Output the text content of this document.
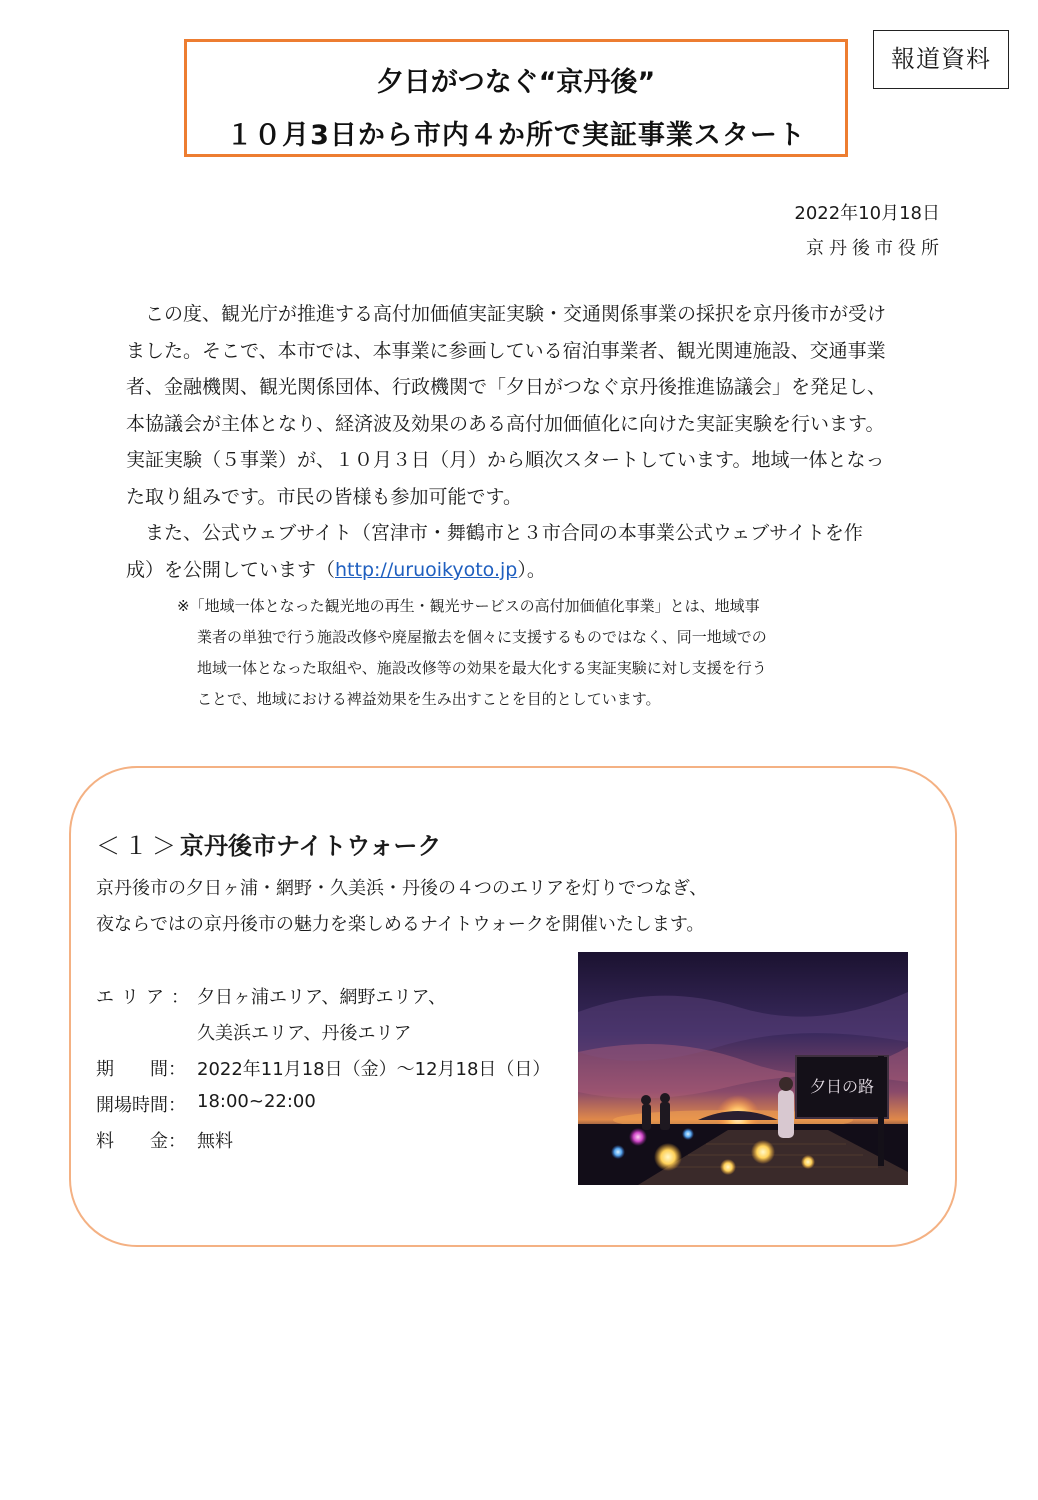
夕日がつなぐ“京丹後”
１０月3日から市内４か所で実証事業スタート
報道資料
2022年10月18日
京丹後市役所
　この度、観光庁が推進する高付加価値実証実験・交通関係事業の採択を京丹後市が受け
ました。そこで、本市では、本事業に参画している宿泊事業者、観光関連施設、交通事業
者、金融機関、観光関係団体、行政機関で「夕日がつなぐ京丹後推進協議会」を発足し、
本協議会が主体となり、経済波及効果のある高付加価値化に向けた実証実験を行います。
実証実験（５事業）が、１０月３日（月）から順次スタートしています。地域一体となっ
た取り組みです。市民の皆様も参加可能です。
　また、公式ウェブサイト（宮津市・舞鶴市と３市合同の本事業公式ウェブサイトを作
成）を公開しています（http://uruoikyoto.jp）。
※「地域一体となった観光地の再生・観光サービスの高付加価値化事業」とは、地域事
業者の単独で行う施設改修や廃屋撤去を個々に支援するものではなく、同一地域での
地域一体となった取組や、施設改修等の効果を最大化する実証実験に対し支援を行う
ことで、地域における裨益効果を生み出すことを目的としています。
＜１＞京丹後市ナイトウォーク
京丹後市の夕日ヶ浦・網野・久美浜・丹後の４つのエリアを灯りでつなぎ、
夜ならではの京丹後市の魅力を楽しめるナイトウォークを開催いたします。
エリア： 夕日ヶ浦エリア、網野エリア、
久美浜エリア、丹後エリア
期　　間： 2022年11月18日（金）～12月18日（日）
開場時間： 18:00~22:00
料　　金： 無料
夕日の路
